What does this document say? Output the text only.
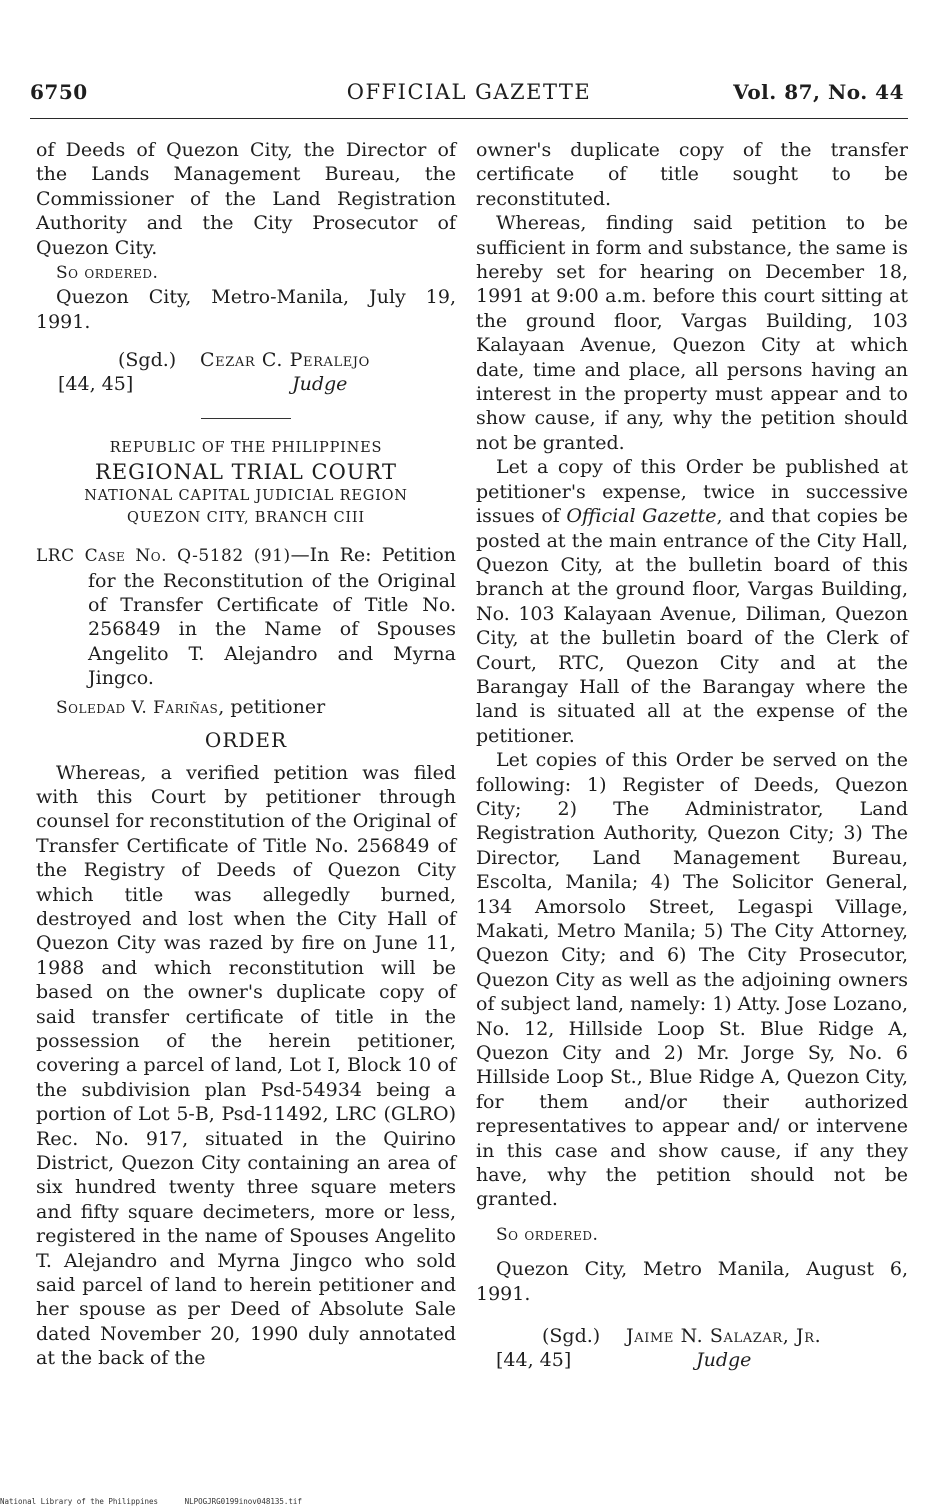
6750	OFFICIAL GAZETTE	Vol. 87, No. 44

of Deeds of Quezon City, the Director of the Lands Management Bureau, the Commissioner of the Land Registration Authority and the City Prosecutor of Quezon City.

So ordered.

Quezon City, Metro-Manila, July 19, 1991.

(Sgd.) Cezar C. Peralejo
[44, 45]	Judge
REPUBLIC OF THE PHILIPPINES
REGIONAL TRIAL COURT
NATIONAL CAPITAL JUDICIAL REGION
QUEZON CITY, BRANCH CIII

LRC Case No. Q-5182 (91)—In Re: Petition for the Reconstitution of the Original of Transfer Certificate of Title No. 256849 in the Name of Spouses Angelito T. Alejandro and Myrna Jingco.

Soledad V. Fariñas, petitioner

ORDER

Whereas, a verified petition was filed with this Court by petitioner through counsel for reconstitution of the Original of Transfer Certificate of Title No. 256849 of the Registry of Deeds of Quezon City which title was allegedly burned, destroyed and lost when the City Hall of Quezon City was razed by fire on June 11, 1988 and which reconstitution will be based on the owner's duplicate copy of said transfer certificate of title in the possession of the herein petitioner, covering a parcel of land, Lot I, Block 10 of the subdivision plan Psd-54934 being a portion of Lot 5-B, Psd-11492, LRC (GLRO) Rec. No. 917, situated in the Quirino District, Quezon City containing an area of six hundred twenty three square meters and fifty square decimeters, more or less, registered in the name of Spouses Angelito T. Alejandro and Myrna Jingco who sold said parcel of land to herein petitioner and her spouse as per Deed of Absolute Sale dated November 20, 1990 duly annotated at the back of the

owner's duplicate copy of the transfer certificate of title sought to be reconstituted.

Whereas, finding said petition to be sufficient in form and substance, the same is hereby set for hearing on December 18, 1991 at 9:00 a.m. before this court sitting at the ground floor, Vargas Building, 103 Kalayaan Avenue, Quezon City at which date, time and place, all persons having an interest in the property must appear and to show cause, if any, why the petition should not be granted.

Let a copy of this Order be published at petitioner's expense, twice in successive issues of Official Gazette, and that copies be posted at the main entrance of the City Hall, Quezon City, at the bulletin board of this branch at the ground floor, Vargas Building, No. 103 Kalayaan Avenue, Diliman, Quezon City, at the bulletin board of the Clerk of Court, RTC, Quezon City and at the Barangay Hall of the Barangay where the land is situated all at the expense of the petitioner.

Let copies of this Order be served on the following: 1) Register of Deeds, Quezon City; 2) The Administrator, Land Registration Authority, Quezon City; 3) The Director, Land Management Bureau, Escolta, Manila; 4) The Solicitor General, 134 Amorsolo Street, Legaspi Village, Makati, Metro Manila; 5) The City Attorney, Quezon City; and 6) The City Prosecutor, Quezon City as well as the adjoining owners of subject land, namely: 1) Atty. Jose Lozano, No. 12, Hillside Loop St. Blue Ridge A, Quezon City and 2) Mr. Jorge Sy, No. 6 Hillside Loop St., Blue Ridge A, Quezon City, for them and/or their authorized representatives to appear and/ or intervene in this case and show cause, if any they have, why the petition should not be granted.

So ordered.

Quezon City, Metro Manila, August 6, 1991.

(Sgd.) Jaime N. Salazar, Jr.
[44, 45]	Judge
National Library of the Philippines	NLPOGJRG0199inov048135.tif
